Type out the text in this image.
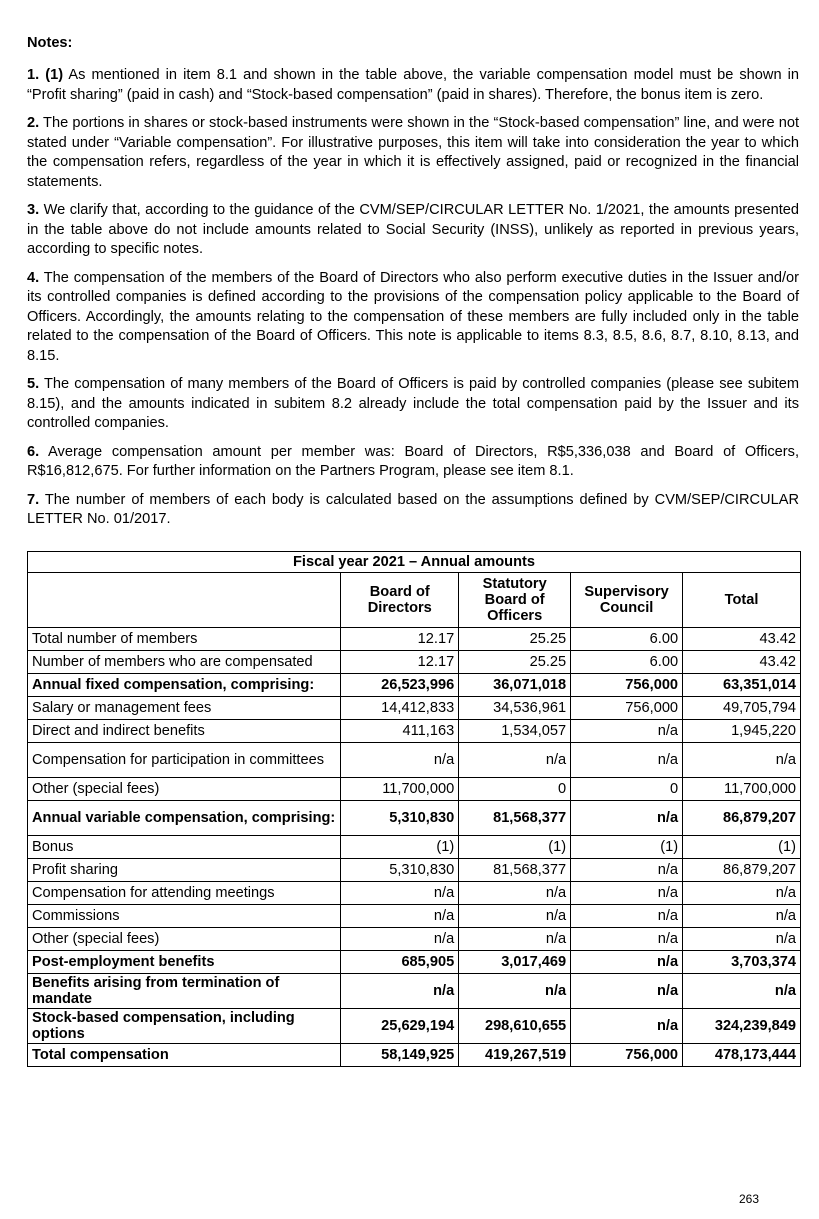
Notes:

1. (1) As mentioned in item 8.1 and shown in the table above, the variable compensation model must be shown in “Profit sharing” (paid in cash) and “Stock-based compensation” (paid in shares). Therefore, the bonus item is zero.

2. The portions in shares or stock-based instruments were shown in the “Stock-based compensation” line, and were not stated under “Variable compensation”. For illustrative purposes, this item will take into consideration the year to which the compensation refers, regardless of the year in which it is effectively assigned, paid or recognized in the financial statements.

3. We clarify that, according to the guidance of the CVM/SEP/CIRCULAR LETTER No. 1/2021, the amounts presented in the table above do not include amounts related to Social Security (INSS), unlikely as reported in previous years, according to specific notes.

4. The compensation of the members of the Board of Directors who also perform executive duties in the Issuer and/or its controlled companies is defined according to the provisions of the compensation policy applicable to the Board of Officers. Accordingly, the amounts relating to the compensation of these members are fully included only in the table related to the compensation of the Board of Officers. This note is applicable to items 8.3, 8.5, 8.6, 8.7, 8.10, 8.13, and 8.15.

5. The compensation of many members of the Board of Officers is paid by controlled companies (please see subitem 8.15), and the amounts indicated in subitem 8.2 already include the total compensation paid by the Issuer and its controlled companies.

6. Average compensation amount per member was: Board of Directors, R$5,336,038 and Board of Officers, R$16,812,675. For further information on the Partners Program, please see item 8.1.

7. The number of members of each body is calculated based on the assumptions defined by CVM/SEP/CIRCULAR LETTER No. 01/2017.

Fiscal year 2021 – Annual amounts				
	Board of Directors	Statutory Board of Officers	Supervisory Council	Total
Total number of members	12.17	25.25	6.00	43.42
Number of members who are compensated	12.17	25.25	6.00	43.42
Annual fixed compensation, comprising:	26,523,996	36,071,018	756,000	63,351,014
Salary or management fees	14,412,833	34,536,961	756,000	49,705,794
Direct and indirect benefits	411,163	1,534,057	n/a	1,945,220
Compensation for participation in committees	n/a	n/a	n/a	n/a
Other (special fees)	11,700,000	0	0	11,700,000
Annual variable compensation, comprising:	5,310,830	81,568,377	n/a	86,879,207
Bonus	(1)	(1)	(1)	(1)
Profit sharing	5,310,830	81,568,377	n/a	86,879,207
Compensation for attending meetings	n/a	n/a	n/a	n/a
Commissions	n/a	n/a	n/a	n/a
Other (special fees)	n/a	n/a	n/a	n/a
Post-employment benefits	685,905	3,017,469	n/a	3,703,374
Benefits arising from termination of mandate	n/a	n/a	n/a	n/a
Stock-based compensation, including options	25,629,194	298,610,655	n/a	324,239,849
Total compensation	58,149,925	419,267,519	756,000	478,173,444
263
